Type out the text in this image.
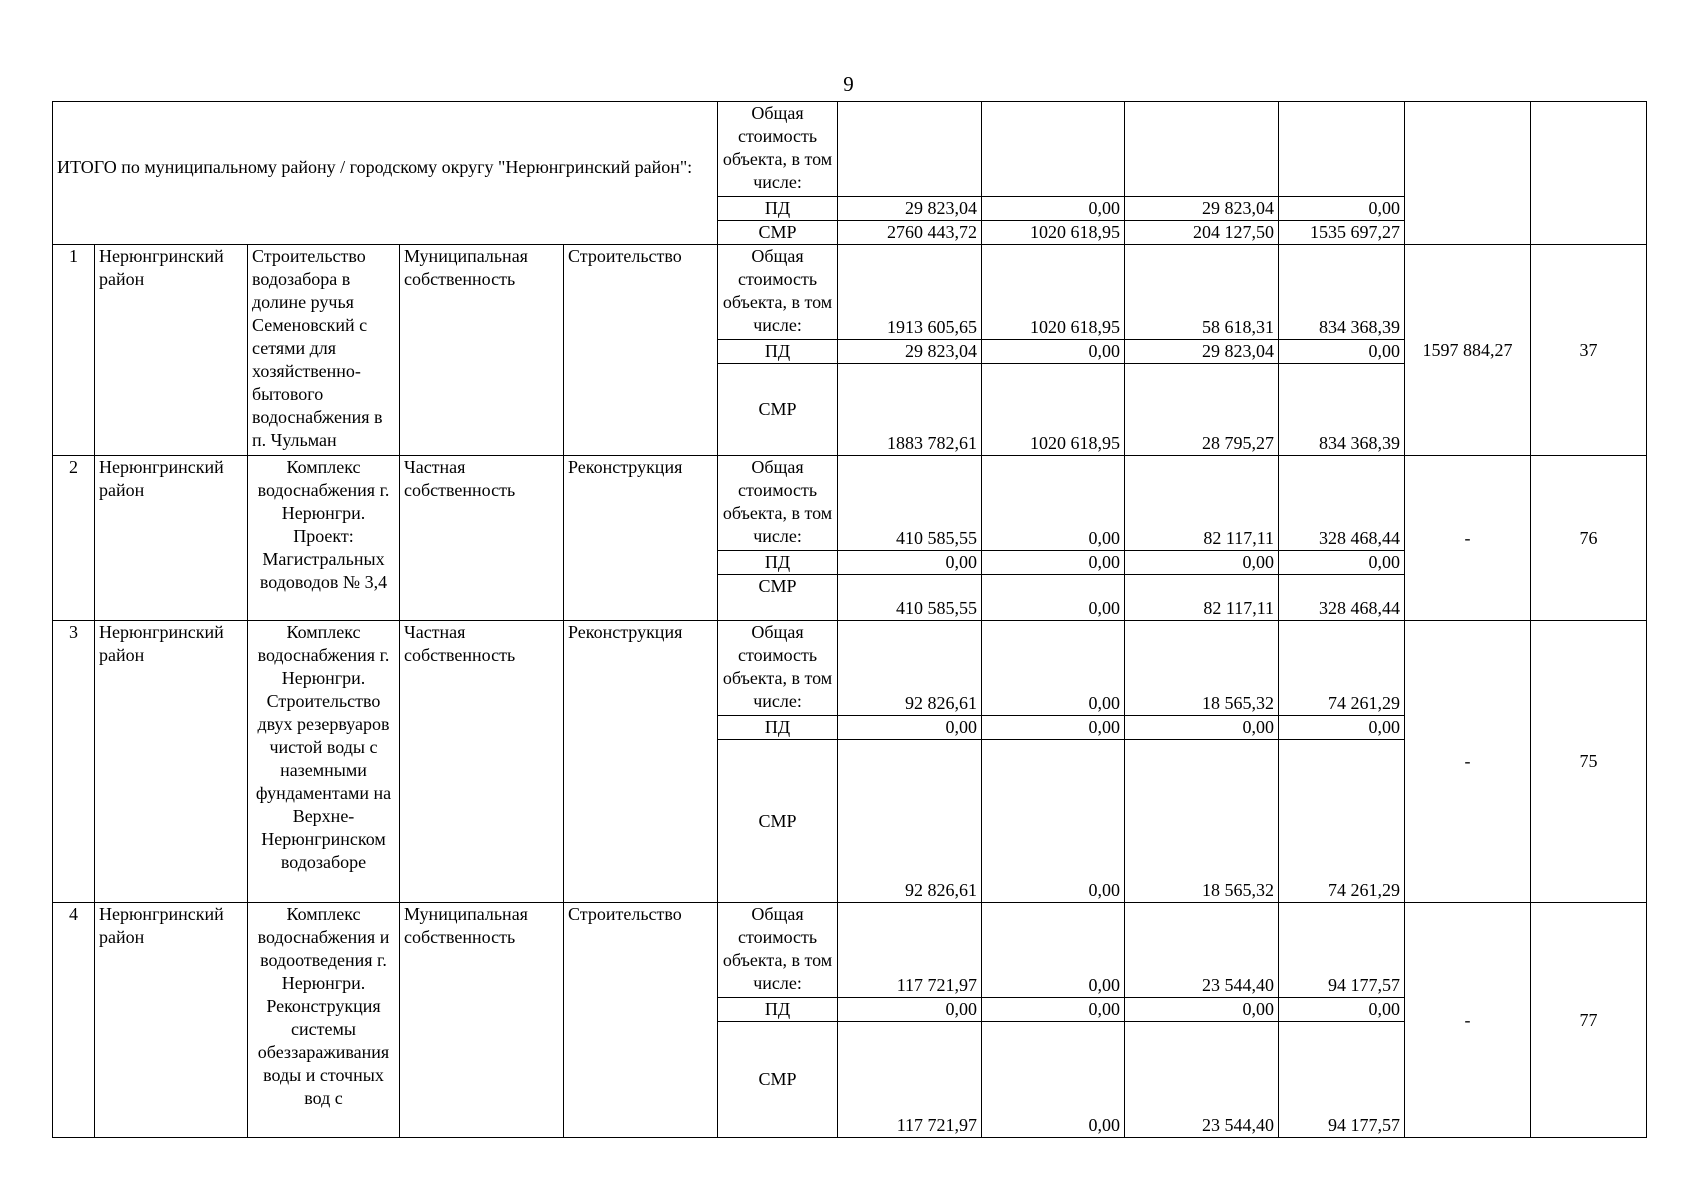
9
ИТОГО по муниципальному району / городскому округу "Нерюнгринский район":					Общая стоимость объекта, в том числе:						
					ПД	29 823,04	0,00	29 823,04	0,00		
					СМР	2760 443,72	1020 618,95	204 127,50	1535 697,27		
1	Нерюнгринский район	Строительство водозабора в долине ручья Семеновский с сетями для хозяйственно-бытового водоснабжения в п. Чульман	Муниципальная собственность	Строительство	Общая стоимость объекта, в том числе:	1913 605,65	1020 618,95	58 618,31	834 368,39	1597 884,27	37
					ПД	29 823,04	0,00	29 823,04	0,00		
					СМР	1883 782,61	1020 618,95	28 795,27	834 368,39		
2	Нерюнгринский район	Комплекс водоснабжения г. Нерюнгри. Проект: Магистральных водоводов № 3,4	Частная собственность	Реконструкция	Общая стоимость объекта, в том числе:	410 585,55	0,00	82 117,11	328 468,44	-	76
					ПД	0,00	0,00	0,00	0,00		
					СМР	410 585,55	0,00	82 117,11	328 468,44		
3	Нерюнгринский район	Комплекс водоснабжения г. Нерюнгри. Строительство двух резервуаров чистой воды с наземными фундаментами на Верхне-Нерюнгринском водозаборе	Частная собственность	Реконструкция	Общая стоимость объекта, в том числе:	92 826,61	0,00	18 565,32	74 261,29	-	75
					ПД	0,00	0,00	0,00	0,00		
					СМР	92 826,61	0,00	18 565,32	74 261,29		
4	Нерюнгринский район	Комплекс водоснабжения и водоотведения г. Нерюнгри. Реконструкция системы обеззараживания воды и сточных вод с	Муниципальная собственность	Строительство	Общая стоимость объекта, в том числе:	117 721,97	0,00	23 544,40	94 177,57	-	77
					ПД	0,00	0,00	0,00	0,00		
					СМР	117 721,97	0,00	23 544,40	94 177,57		
